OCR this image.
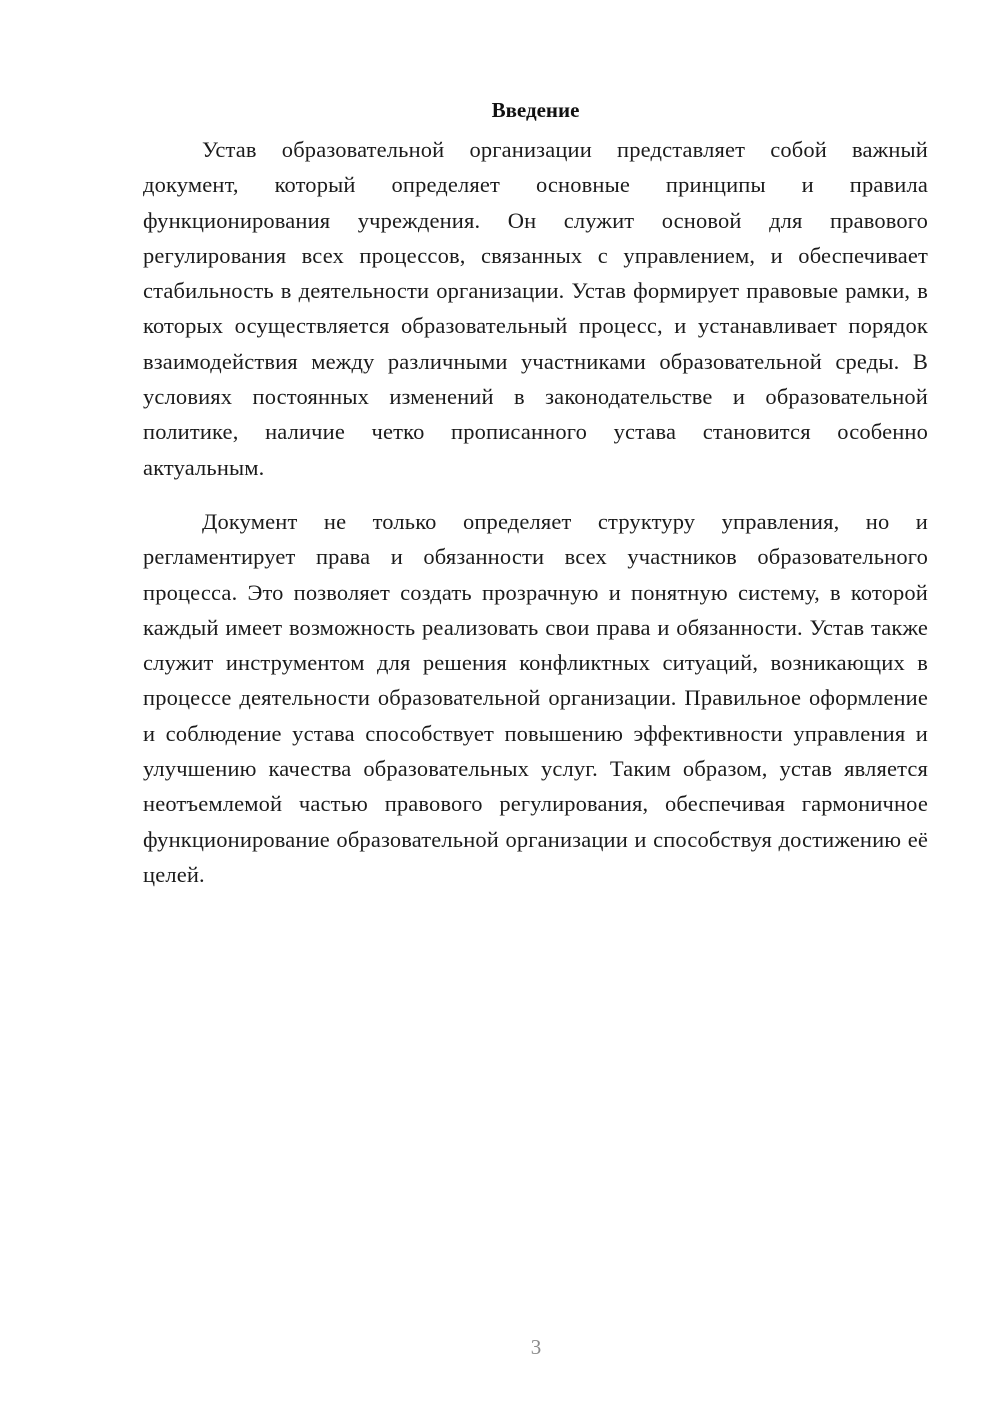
Введение

Устав образовательной организации представляет собой важный документ, который определяет основные принципы и правила функционирования учреждения. Он служит основой для правового регулирования всех процессов, связанных с управлением, и обеспечивает стабильность в деятельности организации. Устав формирует правовые рамки, в которых осуществляется образовательный процесс, и устанавливает порядок взаимодействия между различными участниками образовательной среды. В условиях постоянных изменений в законодательстве и образовательной политике, наличие четко прописанного устава становится особенно актуальным.

Документ не только определяет структуру управления, но и регламентирует права и обязанности всех участников образовательного процесса. Это позволяет создать прозрачную и понятную систему, в которой каждый имеет возможность реализовать свои права и обязанности. Устав также служит инструментом для решения конфликтных ситуаций, возникающих в процессе деятельности образовательной организации. Правильное оформление и соблюдение устава способствует повышению эффективности управления и улучшению качества образовательных услуг. Таким образом, устав является неотъемлемой частью правового регулирования, обеспечивая гармоничное функционирование образовательной организации и способствуя достижению её целей.

3
